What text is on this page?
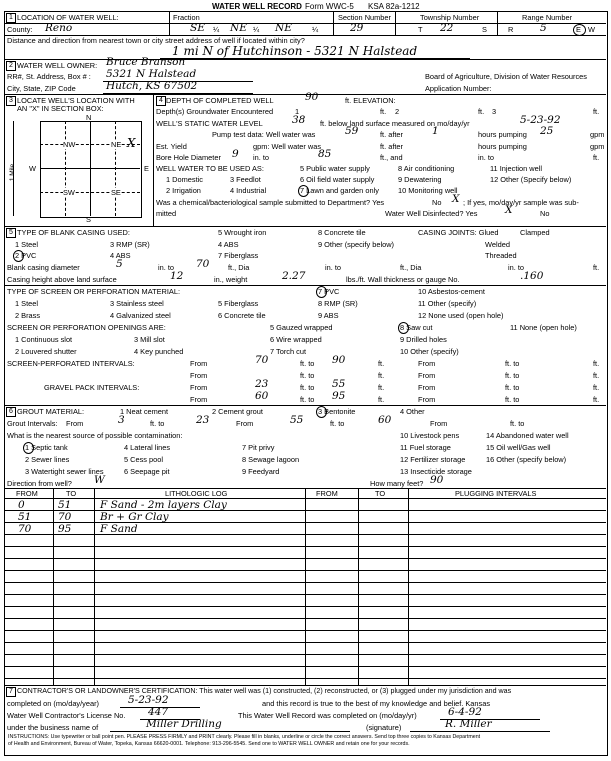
WATER WELL RECORD Form WWC-5 KSA 82a-1212
1 LOCATION OF WATER WELL:	Fraction	Section Number	Township Number	Range Number
County: Reno	SE ¼ NE ¼ NE	¼	29	T 22	S	R	5	E W
Distance and direction from nearest town or city street address of well if located within city?
1 mi N of Hutchinson - 5321 N Halstead
2 WATER WELL OWNER: Bruce Branson
RR#, St. Address, Box # : 5321 N Halstead
City, State, ZIP Code	Hutch, KS 67502
Board of Agriculture, Division of Water Resources
Application Number:
3 LOCATE WELL'S LOCATION WITH
AN "X" IN SECTION BOX:
N
S
W	E
NW	NE
SW	SE
X
1 Mile
4 DEPTH OF COMPLETED WELL	90	ft. ELEVATION:
Depth(s) Groundwater Encountered	1	ft. 2	ft. 3	ft.
WELL'S STATIC WATER LEVEL	38 ft. below land surface measured on mo/day/yr	5-23-92
Pump test data: Well water was	59	ft. after	1	hours pumping 25	gpm
Est. Yield	gpm: Well water was	ft. after	hours pumping	gpm
Bore Hole Diameter 9 in. to	85	ft., and	in. to	ft.
WELL WATER TO BE USED AS:	5 Public water supply	8 Air conditioning	11 Injection well
1 Domestic	3 Feedlot	6 Oil field water supply	9 Dewatering	12 Other (Specify below)
2 Irrigation	4 Industrial	7 Lawn and garden only	10 Monitoring well
Was a chemical/bacteriological sample submitted to Department? Yes	No X ; If yes, mo/day/yr sample was sub-
mitted	Water Well Disinfected? Yes	X	No
5 TYPE OF BLANK CASING USED:	5 Wrought iron	8 Concrete tile	CASING JOINTS: Glued	Clamped
1 Steel	3 RMP (SR)	4 ABS	9 Other (specify below)	Welded
2 PVC	4 ABS	7 Fiberglass	Threaded
Blank casing diameter	5	in. to 70	ft., Dia	in. to	ft., Dia	in. to	ft.
Casing height above land surface	12	in., weight	2.27	lbs./ft. Wall thickness or gauge No.	.160
TYPE OF SCREEN OR PERFORATION MATERIAL:	7 PVC	10 Asbestos-cement
1 Steel	3 Stainless steel	5 Fiberglass	8 RMP (SR)	11 Other (specify)
2 Brass	4 Galvanized steel	6 Concrete tile	9 ABS	12 None used (open hole)
SCREEN OR PERFORATION OPENINGS ARE:	5 Gauzed wrapped	8 Saw cut	11 None (open hole)
1 Continuous slot	3 Mill slot	6 Wire wrapped	9 Drilled holes
2 Louvered shutter	4 Key punched	7 Torch cut	10 Other (specify)
SCREEN-PERFORATED INTERVALS:	From	70	ft. to 90	ft.	From	ft. to	ft.
From	ft. to	ft.	From	ft. to	ft.
GRAVEL PACK INTERVALS:	From	23	ft. to 55	ft.	From	ft. to	ft.
From	60	ft. to 95	ft.	From	ft. to	ft.
6 GROUT MATERIAL:	1 Neat cement	2 Cement grout	3 Bentonite	4 Other
Grout Intervals: From	3	ft. to	23	From	55	ft. to	60	From	ft. to
What is the nearest source of possible contamination:	10 Livestock pens	14 Abandoned water well
1 Septic tank	4 Lateral lines	7 Pit privy	11 Fuel storage	15 Oil well/Gas well
2 Sewer lines	5 Cess pool	8 Sewage lagoon	12 Fertilizer storage	16 Other (specify below)
3 Watertight sewer lines	6 Seepage pit	9 Feedyard	13 Insecticide storage
Direction from well? W	How many feet? 90
FROM	TO	LITHOLOGIC LOG	FROM	TO	PLUGGING INTERVALS
0	51	F Sand - 2m layers Clay
51	70	Br + Gr Clay
70	95	F Sand
7 CONTRACTOR'S OR LANDOWNER'S CERTIFICATION: This water well was (1) constructed, (2) reconstructed, or (3) plugged under my jurisdiction and was
completed on (mo/day/year)	5-23-92	and this record is true to the best of my knowledge and belief. Kansas
Water Well Contractor's License No. 447	This Water Well Record was completed on (mo/day/yr)	6-4-92
under the business name of	Miller Drilling	(signature)	R. Miller
INSTRUCTIONS: Use typewriter or ball point pen. PLEASE PRESS FIRMLY and PRINT clearly. Please fill in blanks, underline or circle the correct answers. Send top three copies to Kansas Department
of Health and Environment, Bureau of Water, Topeka, Kansas 66620-0001. Telephone: 913-296-5545. Send one to WATER WELL OWNER and retain one for your records.
